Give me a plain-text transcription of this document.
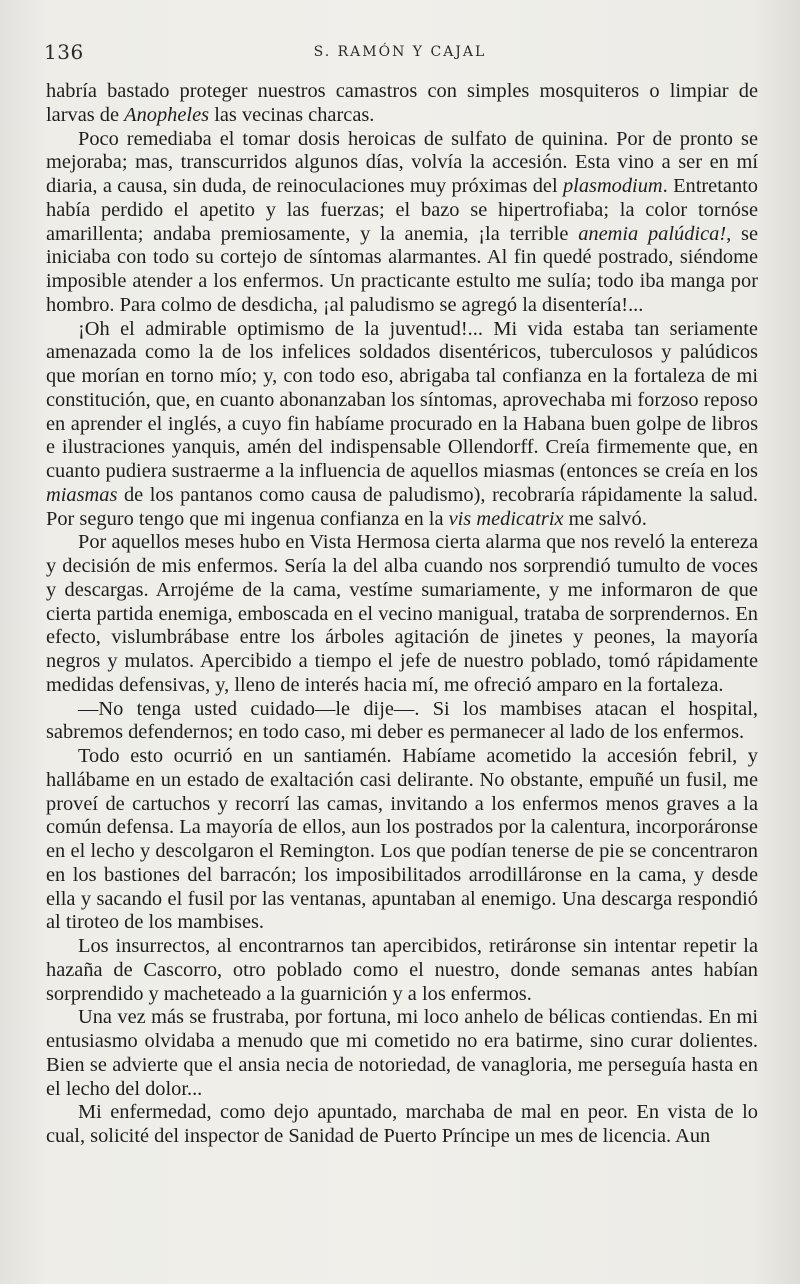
136	S. RAMÓN Y CAJAL

habría bastado proteger nuestros camastros con simples mosquiteros o limpiar de larvas de Anopheles las vecinas charcas.

Poco remediaba el tomar dosis heroicas de sulfato de quinina. Por de pronto se mejoraba; mas, transcurridos algunos días, volvía la accesión. Esta vino a ser en mí diaria, a causa, sin duda, de reinoculaciones muy próximas del plasmodium. Entretanto había perdido el apetito y las fuerzas; el bazo se hipertrofiaba; la color tornóse amarillenta; andaba premiosamente, y la anemia, ¡la terrible anemia palúdica!, se iniciaba con todo su cortejo de síntomas alarmantes. Al fin quedé postrado, siéndome imposible atender a los enfermos. Un practicante estulto me sulía; todo iba manga por hombro. Para colmo de desdicha, ¡al paludismo se agregó la disentería!...

¡Oh el admirable optimismo de la juventud!... Mi vida estaba tan seriamente amenazada como la de los infelices soldados disentéricos, tuberculosos y palúdicos que morían en torno mío; y, con todo eso, abrigaba tal confianza en la fortaleza de mi constitución, que, en cuanto abonanzaban los síntomas, aprovechaba mi forzoso reposo en aprender el inglés, a cuyo fin habíame procurado en la Habana buen golpe de libros e ilustraciones yanquis, amén del indispensable Ollendorff. Creía firmemente que, en cuanto pudiera sustraerme a la influencia de aquellos miasmas (entonces se creía en los miasmas de los pantanos como causa de paludismo), recobraría rápidamente la salud. Por seguro tengo que mi ingenua confianza en la vis medicatrix me salvó.

Por aquellos meses hubo en Vista Hermosa cierta alarma que nos reveló la entereza y decisión de mis enfermos. Sería la del alba cuando nos sorprendió tumulto de voces y descargas. Arrojéme de la cama, vestíme sumariamente, y me informaron de que cierta partida enemiga, emboscada en el vecino manigual, trataba de sorprendernos. En efecto, vislumbrábase entre los árboles agitación de jinetes y peones, la mayoría negros y mulatos. Apercibido a tiempo el jefe de nuestro poblado, tomó rápidamente medidas defensivas, y, lleno de interés hacia mí, me ofreció amparo en la fortaleza.

—No tenga usted cuidado—le dije—. Si los mambises atacan el hospital, sabremos defendernos; en todo caso, mi deber es permanecer al lado de los enfermos.

Todo esto ocurrió en un santiamén. Habíame acometido la accesión febril, y hallábame en un estado de exaltación casi delirante. No obstante, empuñé un fusil, me proveí de cartuchos y recorrí las camas, invitando a los enfermos menos graves a la común defensa. La mayoría de ellos, aun los postrados por la calentura, incorporáronse en el lecho y descolgaron el Remington. Los que podían tenerse de pie se concentraron en los bastiones del barracón; los imposibilitados arrodilláronse en la cama, y desde ella y sacando el fusil por las ventanas, apuntaban al enemigo. Una descarga respondió al tiroteo de los mambises.

Los insurrectos, al encontrarnos tan apercibidos, retiráronse sin intentar repetir la hazaña de Cascorro, otro poblado como el nuestro, donde semanas antes habían sorprendido y macheteado a la guarnición y a los enfermos.

Una vez más se frustraba, por fortuna, mi loco anhelo de bélicas contiendas. En mi entusiasmo olvidaba a menudo que mi cometido no era batirme, sino curar dolientes. Bien se advierte que el ansia necia de notoriedad, de vanagloria, me perseguía hasta en el lecho del dolor...

Mi enfermedad, como dejo apuntado, marchaba de mal en peor. En vista de lo cual, solicité del inspector de Sanidad de Puerto Príncipe un mes de licencia. Aun
